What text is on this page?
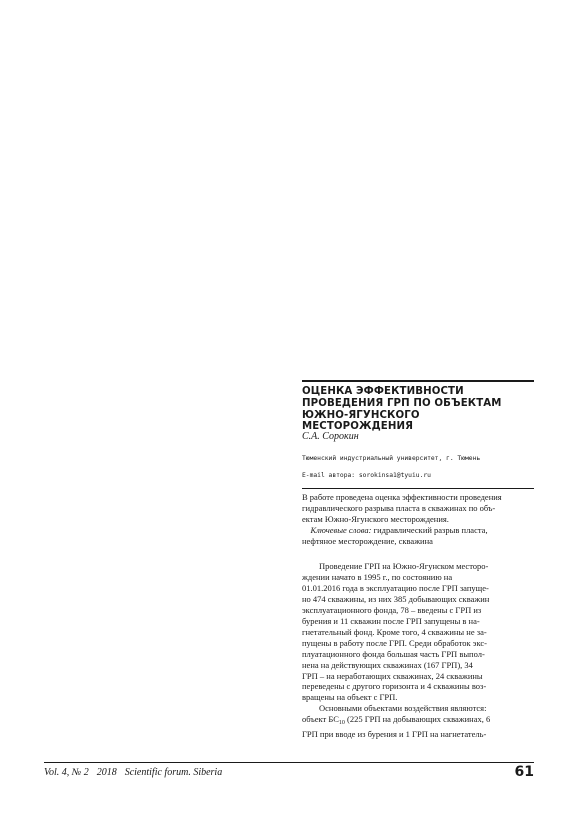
ОЦЕНКА ЭФФЕКТИВНОСТИ
ПРОВЕДЕНИЯ ГРП ПО ОБЪЕКТАМ
ЮЖНО-ЯГУНСКОГО МЕСТОРОЖДЕНИЯ

С.А. Сорокин

Тюменский индустриальный университет, г. Тюмень

E-mail автора: sorokinsa1@tyuiu.ru

В работе проведена оценка эффективности проведения
гидравлического разрыва пласта в скважинах по объ-
ектам Южно-Ягунского месторождения.

 Ключевые слова: гидравлический разрыв пласта,
нефтяное месторождение, скважина

  Проведение ГРП на Южно-Ягунском месторо-
ждении начато в 1995 г., по состоянию на
01.01.2016 года в эксплуатацию после ГРП запуще-
но 474 скважины, из них 385 добывающих скважин
эксплуатационного фонда, 78 – введены с ГРП из
бурения и 11 скважин после ГРП запущены в на-
гнетательный фонд. Кроме того, 4 скважины не за-
пущены в работу после ГРП. Среди обработок экс-
плуатационного фонда большая часть ГРП выпол-
нена на действующих скважинах (167 ГРП), 34
ГРП – на неработающих скважинах, 24 скважины
переведены с другого горизонта и 4 скважины воз-
вращены на объект с ГРП.
  Основными объектами воздействия являются:
объект $БС_{10}$ (225 ГРП на добывающих скважинах, 6
ГРП при вводе из бурения и 1 ГРП на нагнетатель-
Vol. 4, № 2 2018 Scientific forum. Siberia	61
